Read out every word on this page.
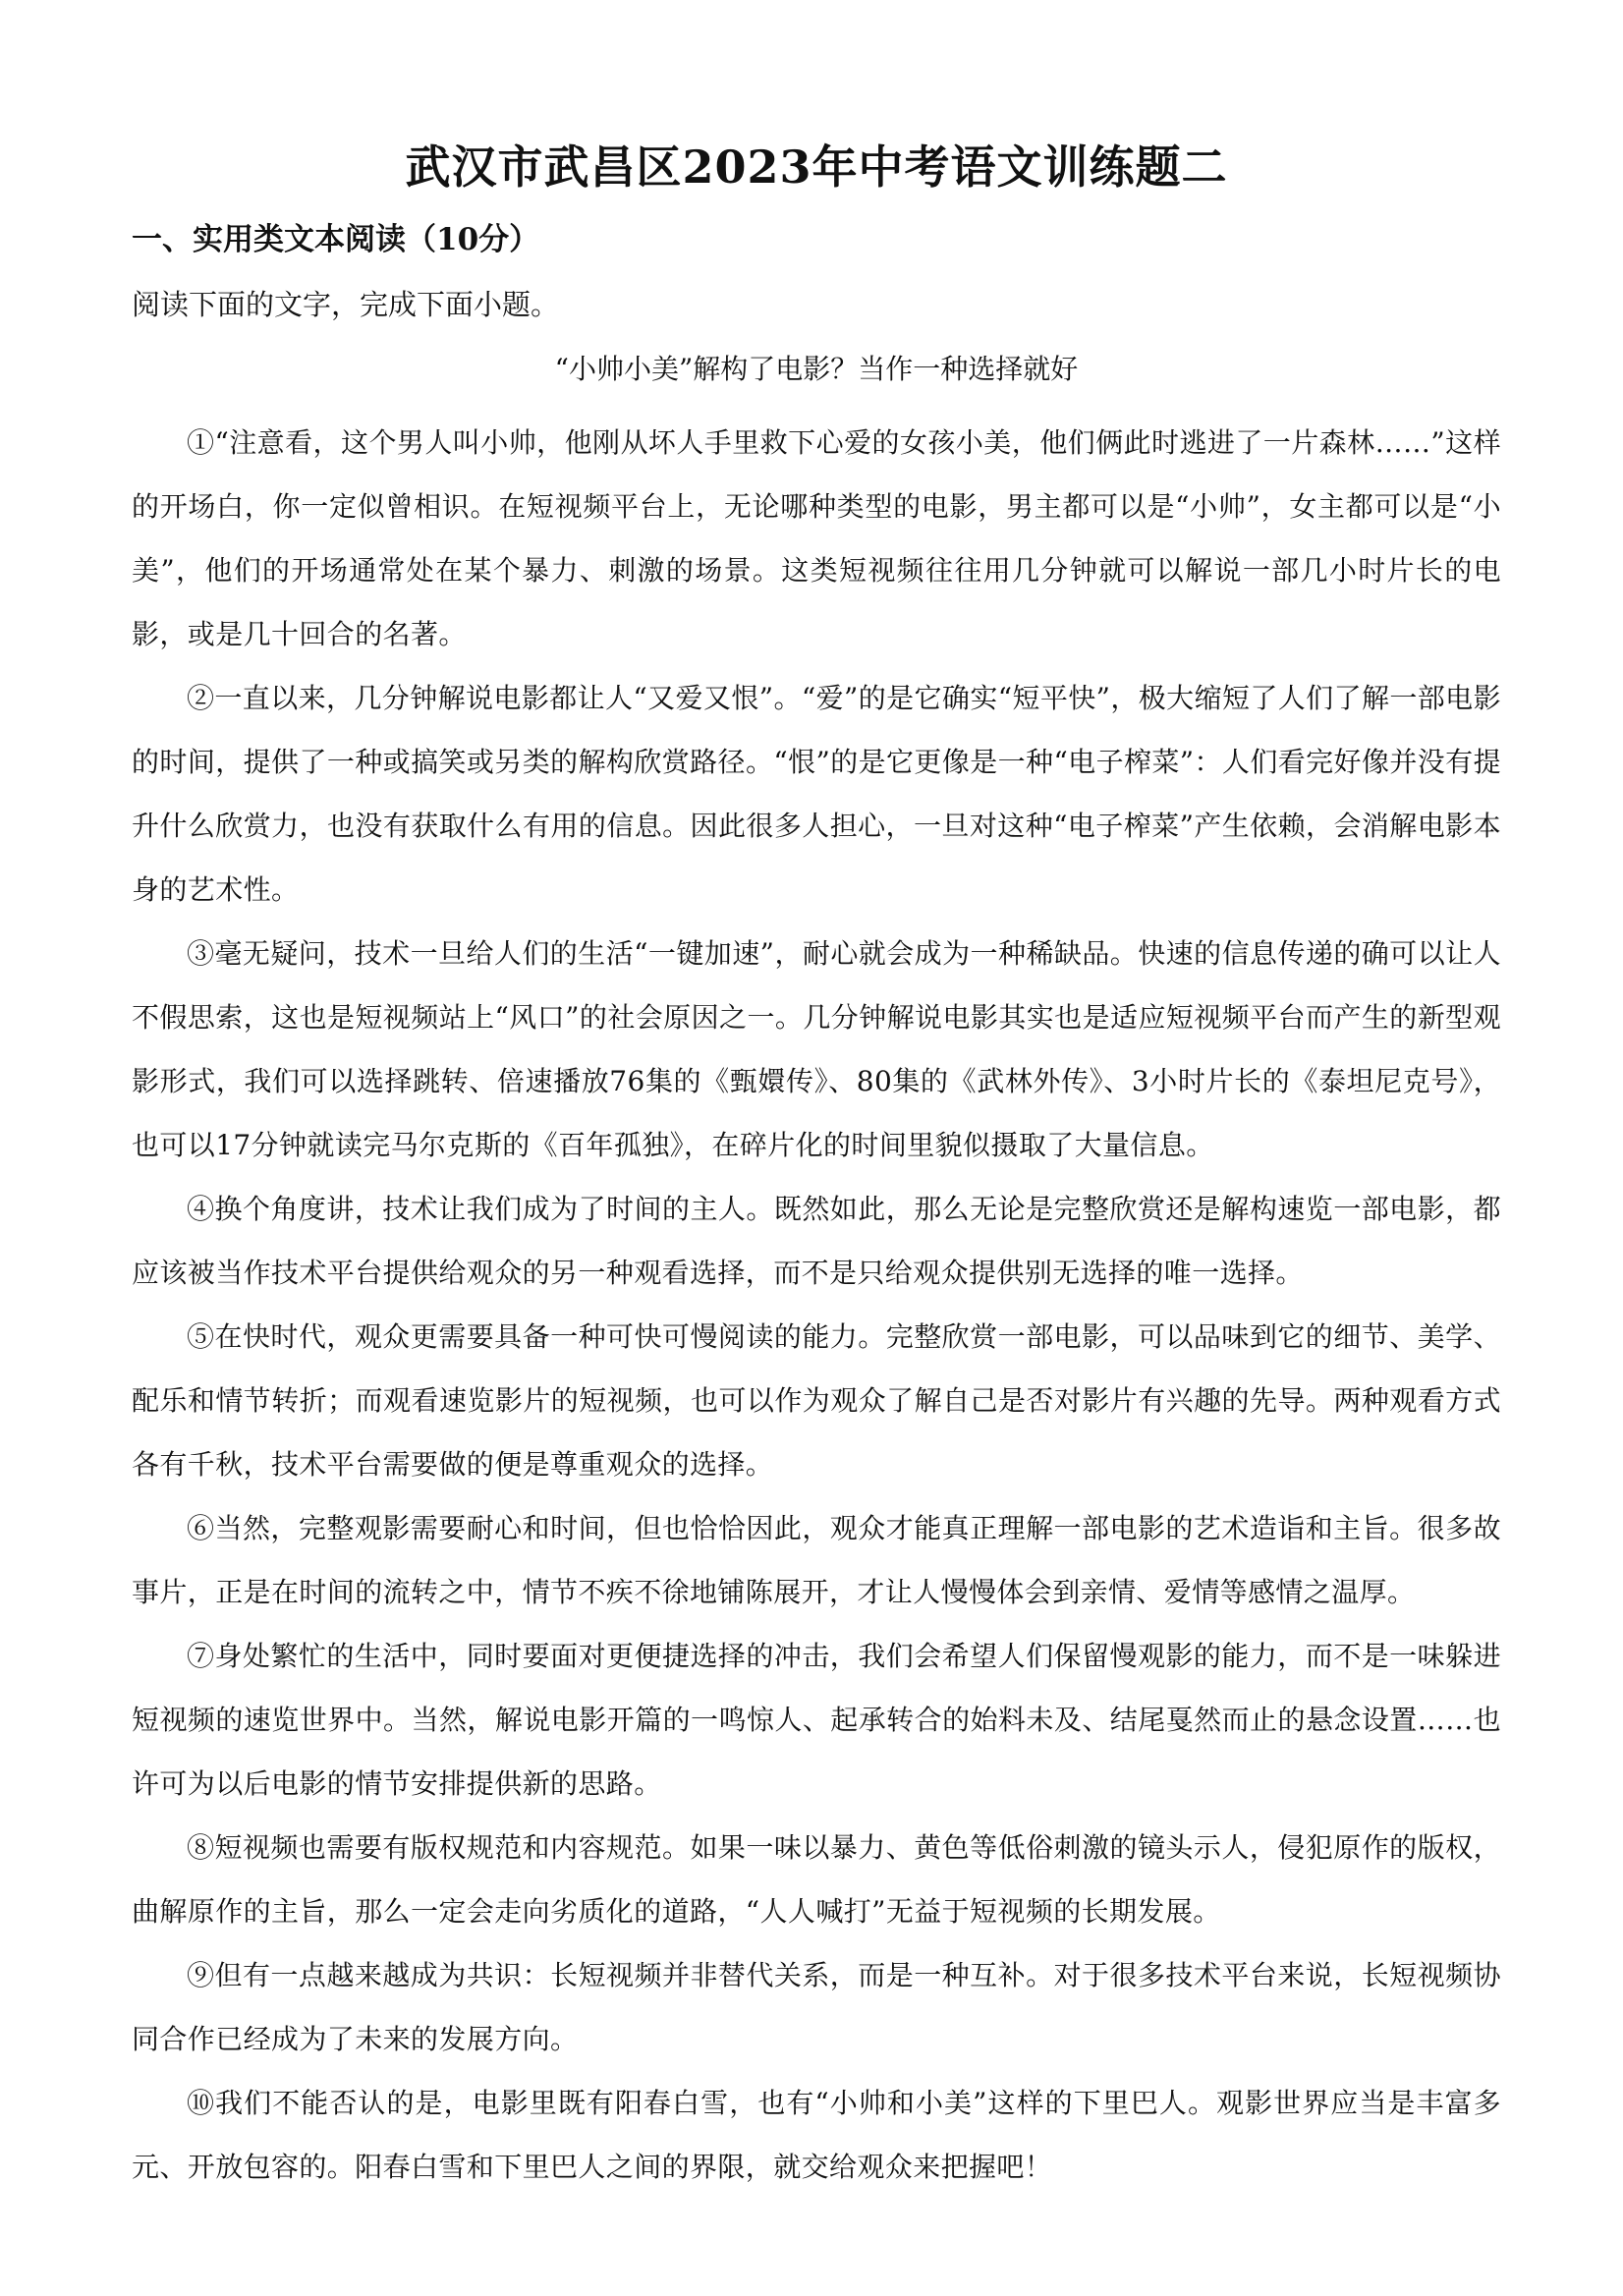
武汉市武昌区2023年中考语文训练题二
一、实用类文本阅读（10分）
阅读下面的文字，完成下面小题。
“小帅小美”解构了电影？当作一种选择就好

①“注意看，这个男人叫小帅，他刚从坏人手里救下心爱的女孩小美，他们俩此时逃进了一片森林……”这样的开场白，你一定似曾相识。在短视频平台上，无论哪种类型的电影，男主都可以是“小帅”，女主都可以是“小美”，他们的开场通常处在某个暴力、刺激的场景。这类短视频往往用几分钟就可以解说一部几小时片长的电影，或是几十回合的名著。

②一直以来，几分钟解说电影都让人“又爱又恨”。“爱”的是它确实“短平快”，极大缩短了人们了解一部电影的时间，提供了一种或搞笑或另类的解构欣赏路径。“恨”的是它更像是一种“电子榨菜”：人们看完好像并没有提升什么欣赏力，也没有获取什么有用的信息。因此很多人担心，一旦对这种“电子榨菜”产生依赖，会消解电影本身的艺术性。

③毫无疑问，技术一旦给人们的生活“一键加速”，耐心就会成为一种稀缺品。快速的信息传递的确可以让人不假思索，这也是短视频站上“风口”的社会原因之一。几分钟解说电影其实也是适应短视频平台而产生的新型观影形式，我们可以选择跳转、倍速播放76集的《甄嬛传》、80集的《武林外传》、3小时片长的《泰坦尼克号》，也可以17分钟就读完马尔克斯的《百年孤独》，在碎片化的时间里貌似摄取了大量信息。

④换个角度讲，技术让我们成为了时间的主人。既然如此，那么无论是完整欣赏还是解构速览一部电影，都应该被当作技术平台提供给观众的另一种观看选择，而不是只给观众提供别无选择的唯一选择。

⑤在快时代，观众更需要具备一种可快可慢阅读的能力。完整欣赏一部电影，可以品味到它的细节、美学、配乐和情节转折；而观看速览影片的短视频，也可以作为观众了解自己是否对影片有兴趣的先导。两种观看方式各有千秋，技术平台需要做的便是尊重观众的选择。

⑥当然，完整观影需要耐心和时间，但也恰恰因此，观众才能真正理解一部电影的艺术造诣和主旨。很多故事片，正是在时间的流转之中，情节不疾不徐地铺陈展开，才让人慢慢体会到亲情、爱情等感情之温厚。

⑦身处繁忙的生活中，同时要面对更便捷选择的冲击，我们会希望人们保留慢观影的能力，而不是一味躲进短视频的速览世界中。当然，解说电影开篇的一鸣惊人、起承转合的始料未及、结尾戛然而止的悬念设置……也许可为以后电影的情节安排提供新的思路。

⑧短视频也需要有版权规范和内容规范。如果一味以暴力、黄色等低俗刺激的镜头示人，侵犯原作的版权，曲解原作的主旨，那么一定会走向劣质化的道路，“人人喊打”无益于短视频的长期发展。

⑨但有一点越来越成为共识：长短视频并非替代关系，而是一种互补。对于很多技术平台来说，长短视频协同合作已经成为了未来的发展方向。

⑩我们不能否认的是，电影里既有阳春白雪，也有“小帅和小美”这样的下里巴人。观影世界应当是丰富多元、开放包容的。阳春白雪和下里巴人之间的界限，就交给观众来把握吧！
